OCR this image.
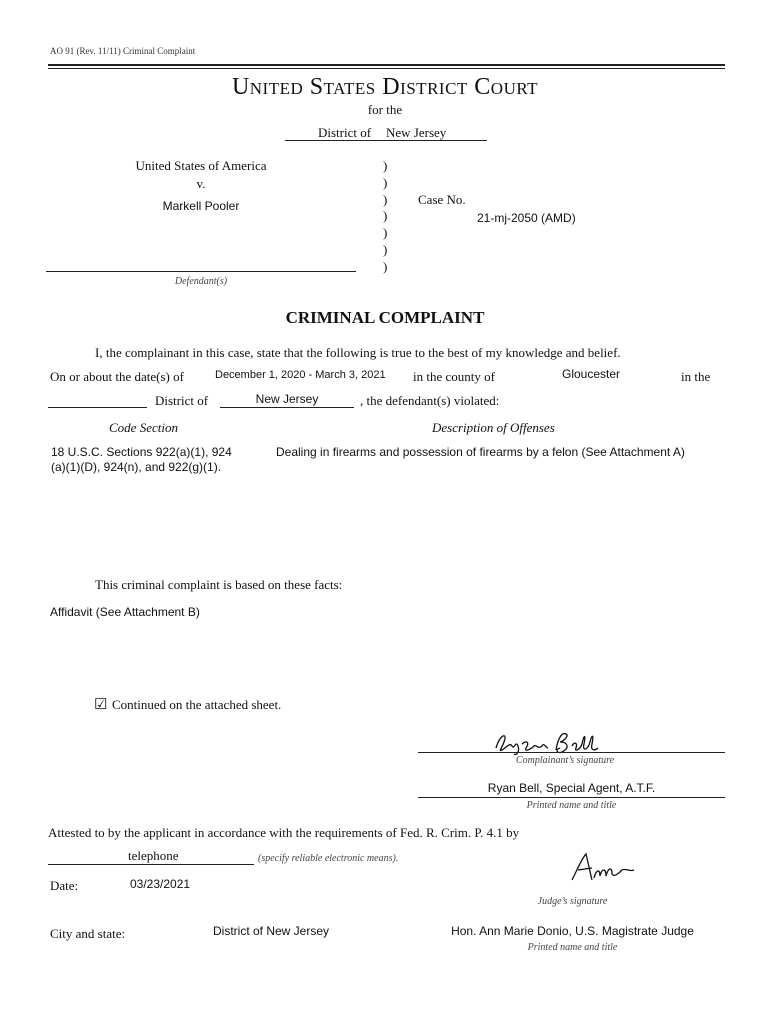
AO 91 (Rev. 11/11) Criminal Complaint
United States District Court
for the
District of New Jersey
United States of America
v.
Markell Pooler
Defendant(s)
)
)
)
)
)
)
)
Case No.
21-mj-2050 (AMD)
CRIMINAL COMPLAINT
I, the complainant in this case, state that the following is true to the best of my knowledge and belief.
On or about the date(s) of	December 1, 2020 - March 3, 2021 in the county of	Gloucester	in the
District of	New Jersey	, the defendant(s) violated:
Code Section	Description of Offenses
18 U.S.C. Sections 922(a)(1), 924
(a)(1)(D), 924(n), and 922(g)(1).
Dealing in firearms and possession of firearms by a felon (See Attachment A)
This criminal complaint is based on these facts:
Affidavit (See Attachment B)
☑ Continued on the attached sheet.
Complainant’s signature
Ryan Bell, Special Agent, A.T.F.
Printed name and title
Attested to by the applicant in accordance with the requirements of Fed. R. Crim. P. 4.1 by
telephone	(specify reliable electronic means).
Judge’s signature
Date:	03/23/2021
City and state:	District of New Jersey	Hon. Ann Marie Donio, U.S. Magistrate Judge
Printed name and title
